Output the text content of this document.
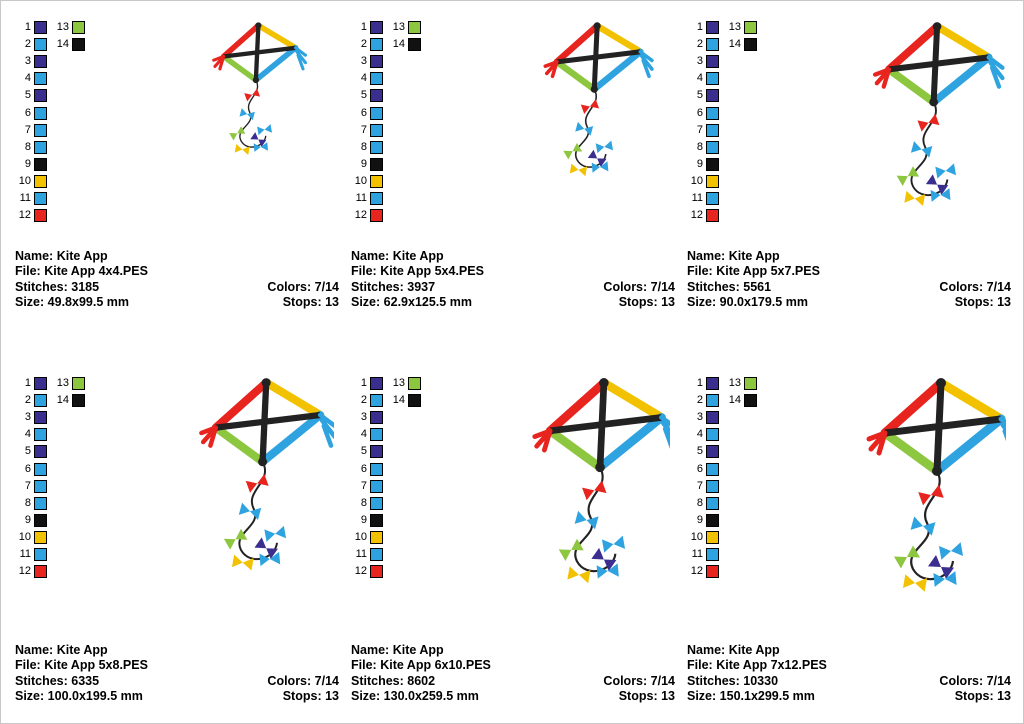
1	13
2	14
3
4
5
6
7
8
9
10
11
12
Name: Kite App
File: Kite App 4x4.PES
Stitches: 3185
Size: 49.8x99.5 mm

Colors: 7/14
Stops: 13
1	13
2	14
3
4
5
6
7
8
9
10
11
12
Name: Kite App
File: Kite App 5x4.PES
Stitches: 3937
Size: 62.9x125.5 mm

Colors: 7/14
Stops: 13
1	13
2	14
3
4
5
6
7
8
9
10
11
12
Name: Kite App
File: Kite App 5x7.PES
Stitches: 5561
Size: 90.0x179.5 mm

Colors: 7/14
Stops: 13
1	13
2	14
3
4
5
6
7
8
9
10
11
12
Name: Kite App
File: Kite App 5x8.PES
Stitches: 6335
Size: 100.0x199.5 mm

Colors: 7/14
Stops: 13
1	13
2	14
3
4
5
6
7
8
9
10
11
12
Name: Kite App
File: Kite App 6x10.PES
Stitches: 8602
Size: 130.0x259.5 mm

Colors: 7/14
Stops: 13
1	13
2	14
3
4
5
6
7
8
9
10
11
12
Name: Kite App
File: Kite App 7x12.PES
Stitches: 10330
Size: 150.1x299.5 mm

Colors: 7/14
Stops: 13
